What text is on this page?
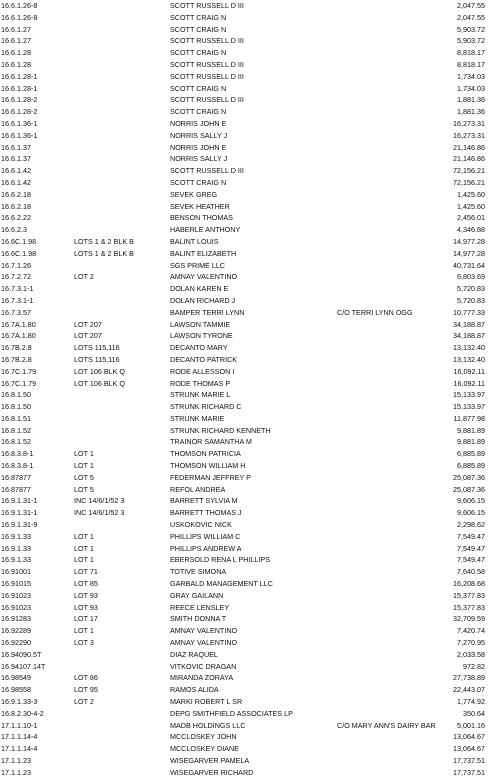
16.6.1.26-8	SCOTT RUSSELL D III	2,047.55
16.6.1.26-8	SCOTT CRAIG N	2,047.55
16.6.1.27	SCOTT CRAIG N	5,903.72
16.6.1.27	SCOTT RUSSELL D III	5,903.72
16.6.1.28	SCOTT CRAIG N	8,818.17
16.6.1.28	SCOTT RUSSELL D III	8,818.17
16.6.1.28-1	SCOTT RUSSELL D III	1,734.03
16.6.1.28-1	SCOTT CRAIG N	1,734.03
16.6.1.28-2	SCOTT RUSSELL D III	1,881.36
16.6.1.28-2	SCOTT CRAIG N	1,881.36
16.6.1.36-1	NORRIS JOHN E	16,273.31
16.6.1.36-1	NORRIS SALLY J	16,273.31
16.6.1.37	NORRIS JOHN E	21,146.86
16.6.1.37	NORRIS SALLY J	21,146.86
16.6.1.42	SCOTT RUSSELL D III	72,156.21
16.6.1.42	SCOTT CRAIG N	72,156.21
16.6.2.18	SEVEK GREG	1,425.60
16.6.2.18	SEVEK HEATHER	1,425.60
16.6.2.22	BENSON THOMAS	2,456.01
16.6.2.3	HABERLE ANTHONY	4,346.88
16.6C.1.98	LOTS 1 & 2 BLK B	BALINT LOUIS	14,977.28
16.6C.1.98	LOTS 1 & 2 BLK B	BALINT ELIZABETH	14,977.28
16.7.1.26	SGS PRIME LLC	40,731.64
16.7.2.72	LOT 2	AMNAY VALENTINO	6,803.69
16.7.3.1-1	DOLAN KAREN E	5,720.83
16.7.3.1-1	DOLAN RICHARD J	5,720.83
16.7.3.57	BAMPER TERRI LYNN	C/O TERRI LYNN OGG	10,777.33
16.7A.1.80	LOT 207	LAWSON TAMMIE	34,188.87
16.7A.1.80	LOT 207	LAWSON TYRONE	34,188.87
16.7B.2.8	LOTS 115,116	DECANTO MARY	13,132.40
16.7B.2.8	LOTS 115,116	DECANTO PATRICK	13,132.40
16.7C.1.79	LOT 106 BLK Q	RODE ALLESSON I	16,092.11
16.7C.1.79	LOT 106 BLK Q	RODE THOMAS P	16,092.11
16.8.1.50	STRUNK MARIE L	15,133.97
16.8.1.50	STRUNK RICHARD C	15,133.97
16.8.1.51	STRUNK MARIE	11,877.98
16.8.1.52	STRUNK RICHARD KENNETH	9,881.89
16.8.1.52	TRAINOR SAMANTHA M	9,881.89
16.8.3.8-1	LOT 1	THOMSON PATRICIA	6,885.89
16.8.3.8-1	LOT 1	THOMSON WILLIAM H	6,885.89
16.87877	LOT 5	FEDERMAN JEFFREY P	25,087.36
16.87877	LOT 5	REFOL ANDREA	25,087.36
16.9.1.31-1	INC 14/6/1/52 3	BARRETT SYLVIA M	9,606.15
16.9.1.31-1	INC 14/6/1/52 3	BARRETT THOMAS J	9,606.15
16.9.1.31-9	USKOKOVIC NICK	2,298.62
16.9.1.33	LOT 1	PHILLIPS WILLIAM C	7,549.47
16.9.1.33	LOT 1	PHILLIPS ANDREW A	7,549.47
16.9.1.33	LOT 1	EBERSOLD RENA L PHILLIPS	7,549.47
16.91001	LOT 71	TOTIVE SIMONA	7,640.58
16.91015	LOT 85	GARBALD MANAGEMENT LLC	16,208.68
16.91023	LOT 93	GRAY GAILANN	15,377.83
16.91023	LOT 93	REECE LENSLEY	15,377.83
16.91283	LOT 17	SMITH DONNA T	32,709.59
16.92289	LOT 1	AMNAY VALENTINO	7,420.74
16.92290	LOT 3	AMNAY VALENTINO	7,270.95
16.94090.5T	DIAZ RAQUEL	2,033.58
16.94107.14T	VITKOVIC DRAGAN	972.82
16.98549	LOT 86	MIRANDA ZORAYA	27,738.89
16.98558	LOT 95	RAMOS ALIDA	22,443.07
16.9.1.33-3	LOT 2	MARKI ROBERT L SR	1,774.92
16.8.2.30-4-2	DEPG SMITHFIELD ASSOCIATES LP	350.64
17.1.1.10-1	MADB HOLDINGS LLC	C/O MARY ANN'S DAIRY BAR	5,001.16
17.1.1.14-4	MCCLOSKEY JOHN	13,064.67
17.1.1.14-4	MCCLOSKEY DIANE	13,064.67
17.1.1.23	WISEGARVER PAMELA	17,737.51
17.1.1.23	WISEGARVER RICHARD	17,737.51
